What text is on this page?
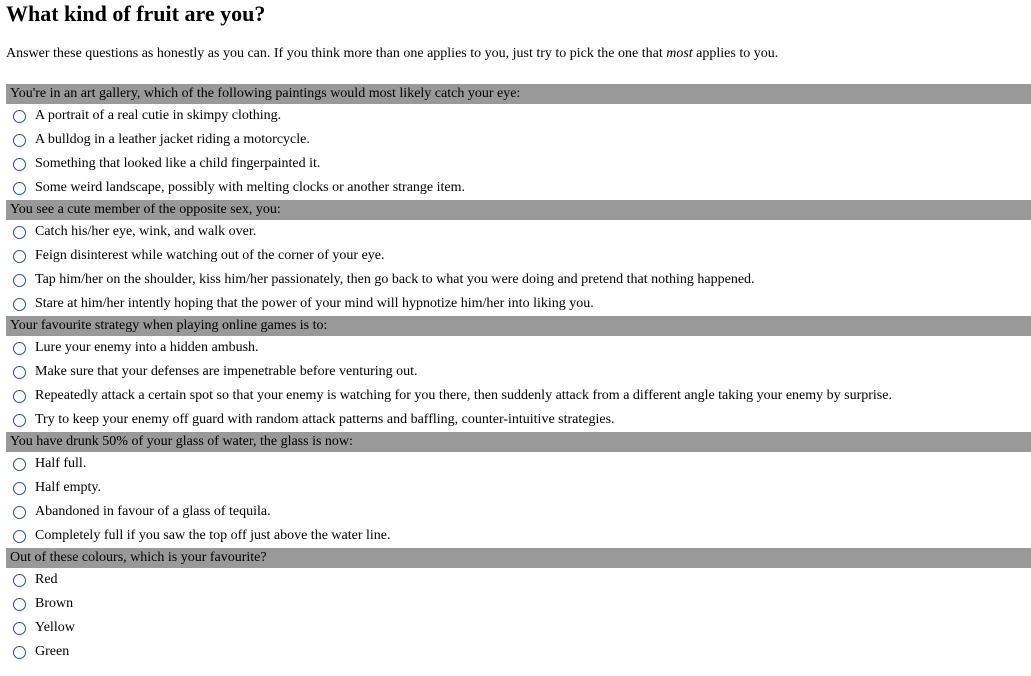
What kind of fruit are you?

Answer these questions as honestly as you can. If you think more than one applies to you, just try to pick the one that most applies to you.

You're in an art gallery, which of the following paintings would most likely catch your eye:
A portrait of a real cutie in skimpy clothing.
A bulldog in a leather jacket riding a motorcycle.
Something that looked like a child fingerpainted it.
Some weird landscape, possibly with melting clocks or another strange item.
You see a cute member of the opposite sex, you:
Catch his/her eye, wink, and walk over.
Feign disinterest while watching out of the corner of your eye.
Tap him/her on the shoulder, kiss him/her passionately, then go back to what you were doing and pretend that nothing happened.
Stare at him/her intently hoping that the power of your mind will hypnotize him/her into liking you.
Your favourite strategy when playing online games is to:
Lure your enemy into a hidden ambush.
Make sure that your defenses are impenetrable before venturing out.
Repeatedly attack a certain spot so that your enemy is watching for you there, then suddenly attack from a different angle taking your enemy by surprise.
Try to keep your enemy off guard with random attack patterns and baffling, counter-intuitive strategies.
You have drunk 50% of your glass of water, the glass is now:
Half full.
Half empty.
Abandoned in favour of a glass of tequila.
Completely full if you saw the top off just above the water line.
Out of these colours, which is your favourite?
Red
Brown
Yellow
Green
